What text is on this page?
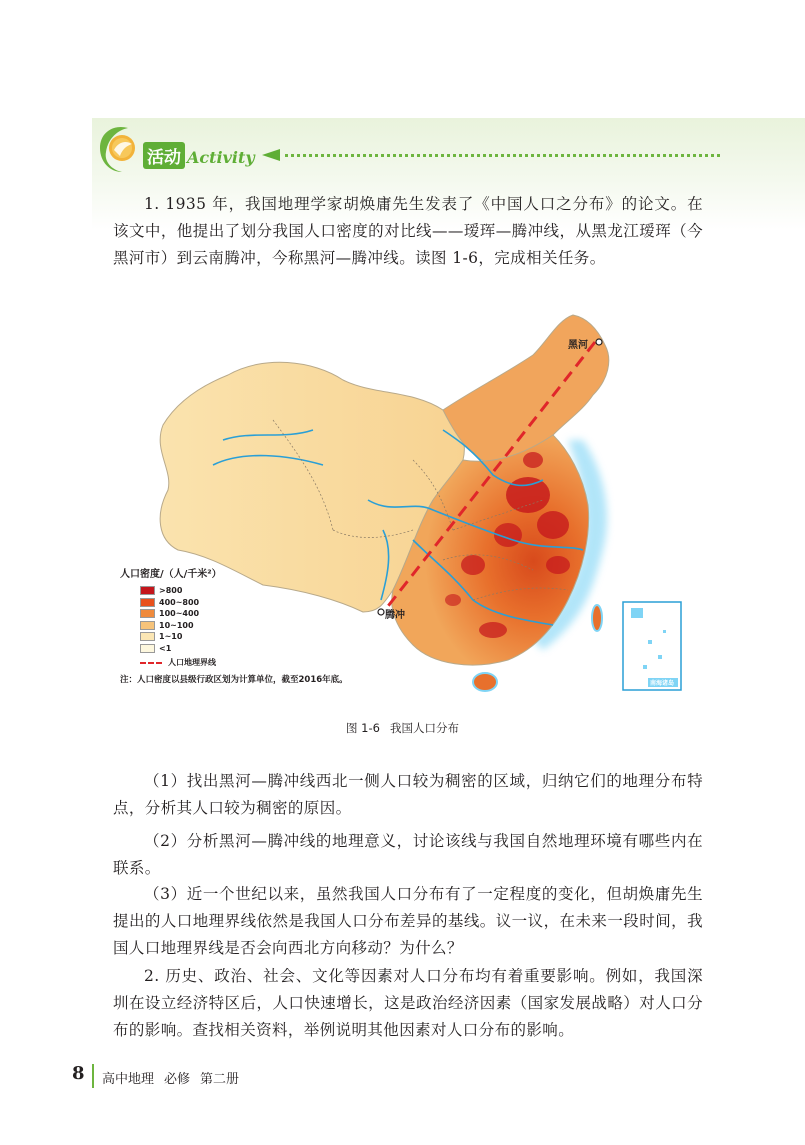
活动 Activity

1. 1935 年，我国地理学家胡焕庸先生发表了《中国人口之分布》的论文。在该文中，他提出了划分我国人口密度的对比线——瑷珲—腾冲线，从黑龙江瑷珲（今黑河市）到云南腾冲，今称黑河—腾冲线。读图 1-6，完成相关任务。

黑河
腾冲
南海诸岛
人口密度/（人/千米²）
>800
400~800
100~400
10~100
1~10
<1
人口地理界线
注：人口密度以县级行政区划为计算单位，截至2016年底。
图 1-6 我国人口分布

（1）找出黑河—腾冲线西北一侧人口较为稠密的区域，归纳它们的地理分布特点，分析其人口较为稠密的原因。

（2）分析黑河—腾冲线的地理意义，讨论该线与我国自然地理环境有哪些内在联系。

（3）近一个世纪以来，虽然我国人口分布有了一定程度的变化，但胡焕庸先生提出的人口地理界线依然是我国人口分布差异的基线。议一议，在未来一段时间，我国人口地理界线是否会向西北方向移动？为什么？

2. 历史、政治、社会、文化等因素对人口分布均有着重要影响。例如，我国深圳在设立经济特区后，人口快速增长，这是政治经济因素（国家发展战略）对人口分布的影响。查找相关资料，举例说明其他因素对人口分布的影响。

8 高中地理 必修 第二册
